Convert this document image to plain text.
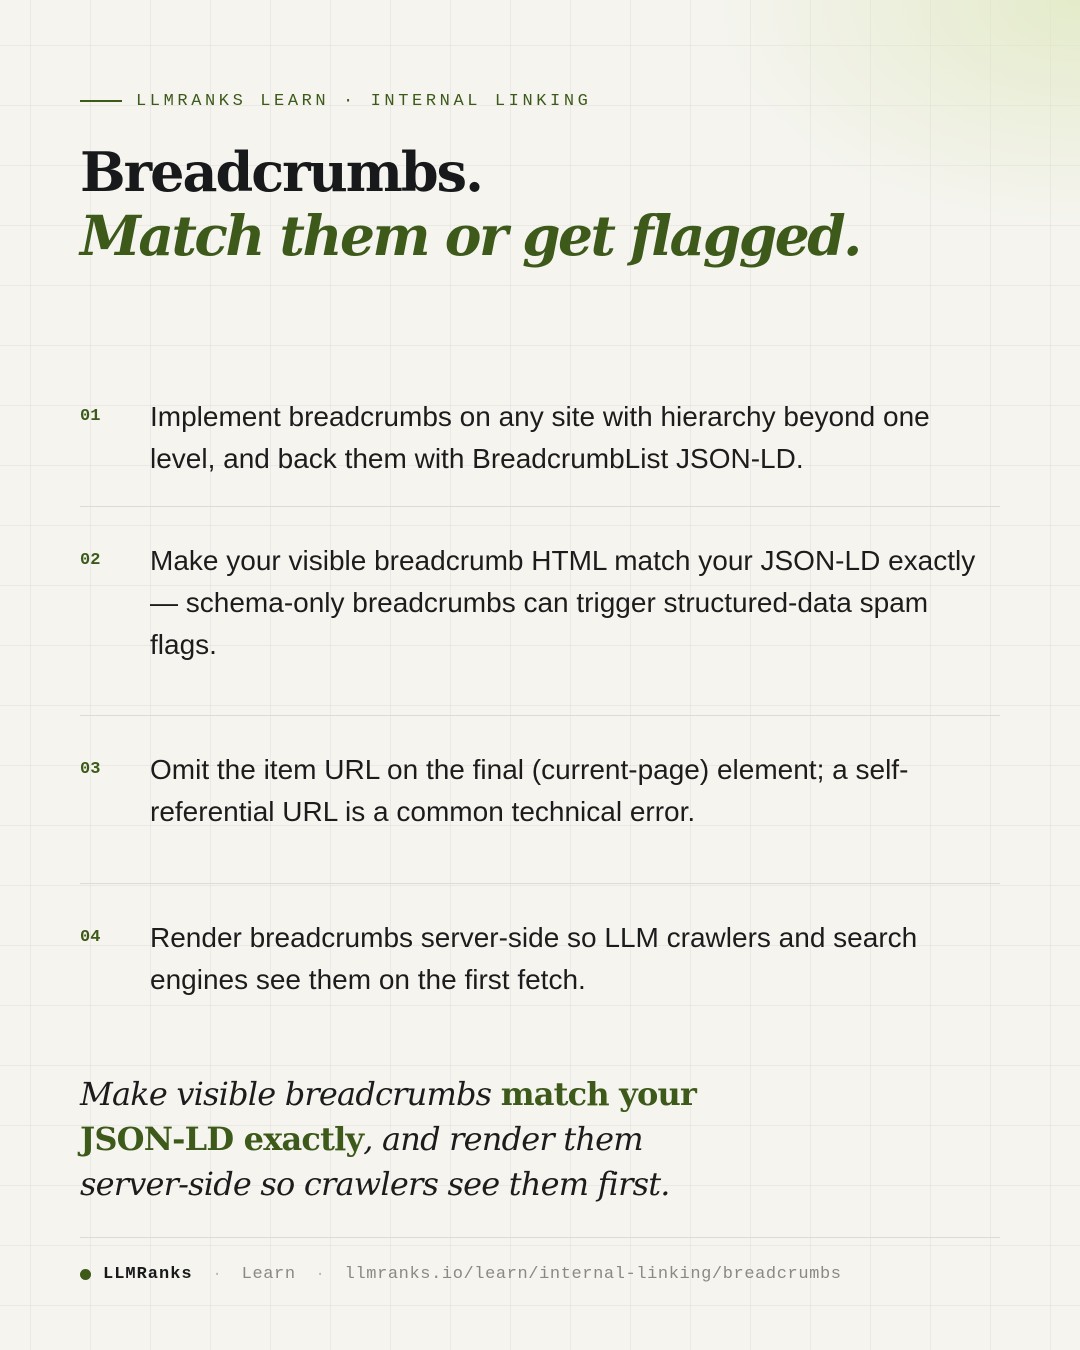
LLMRANKS LEARN · INTERNAL LINKING
Breadcrumbs.
Match them or get flagged.
01 Implement breadcrumbs on any site with hierarchy beyond one level, and back them with BreadcrumbList JSON-LD.
02 Make your visible breadcrumb HTML match your JSON-LD exactly — schema-only breadcrumbs can trigger structured-data spam flags.
03 Omit the item URL on the final (current-page) element; a self-referential URL is a common technical error.
04 Render breadcrumbs server-side so LLM crawlers and search engines see them on the first fetch.
Make visible breadcrumbs match your JSON-LD exactly, and render them server-side so crawlers see them first.
LLMRanks · Learn · llmranks.io/learn/internal-linking/breadcrumbs
